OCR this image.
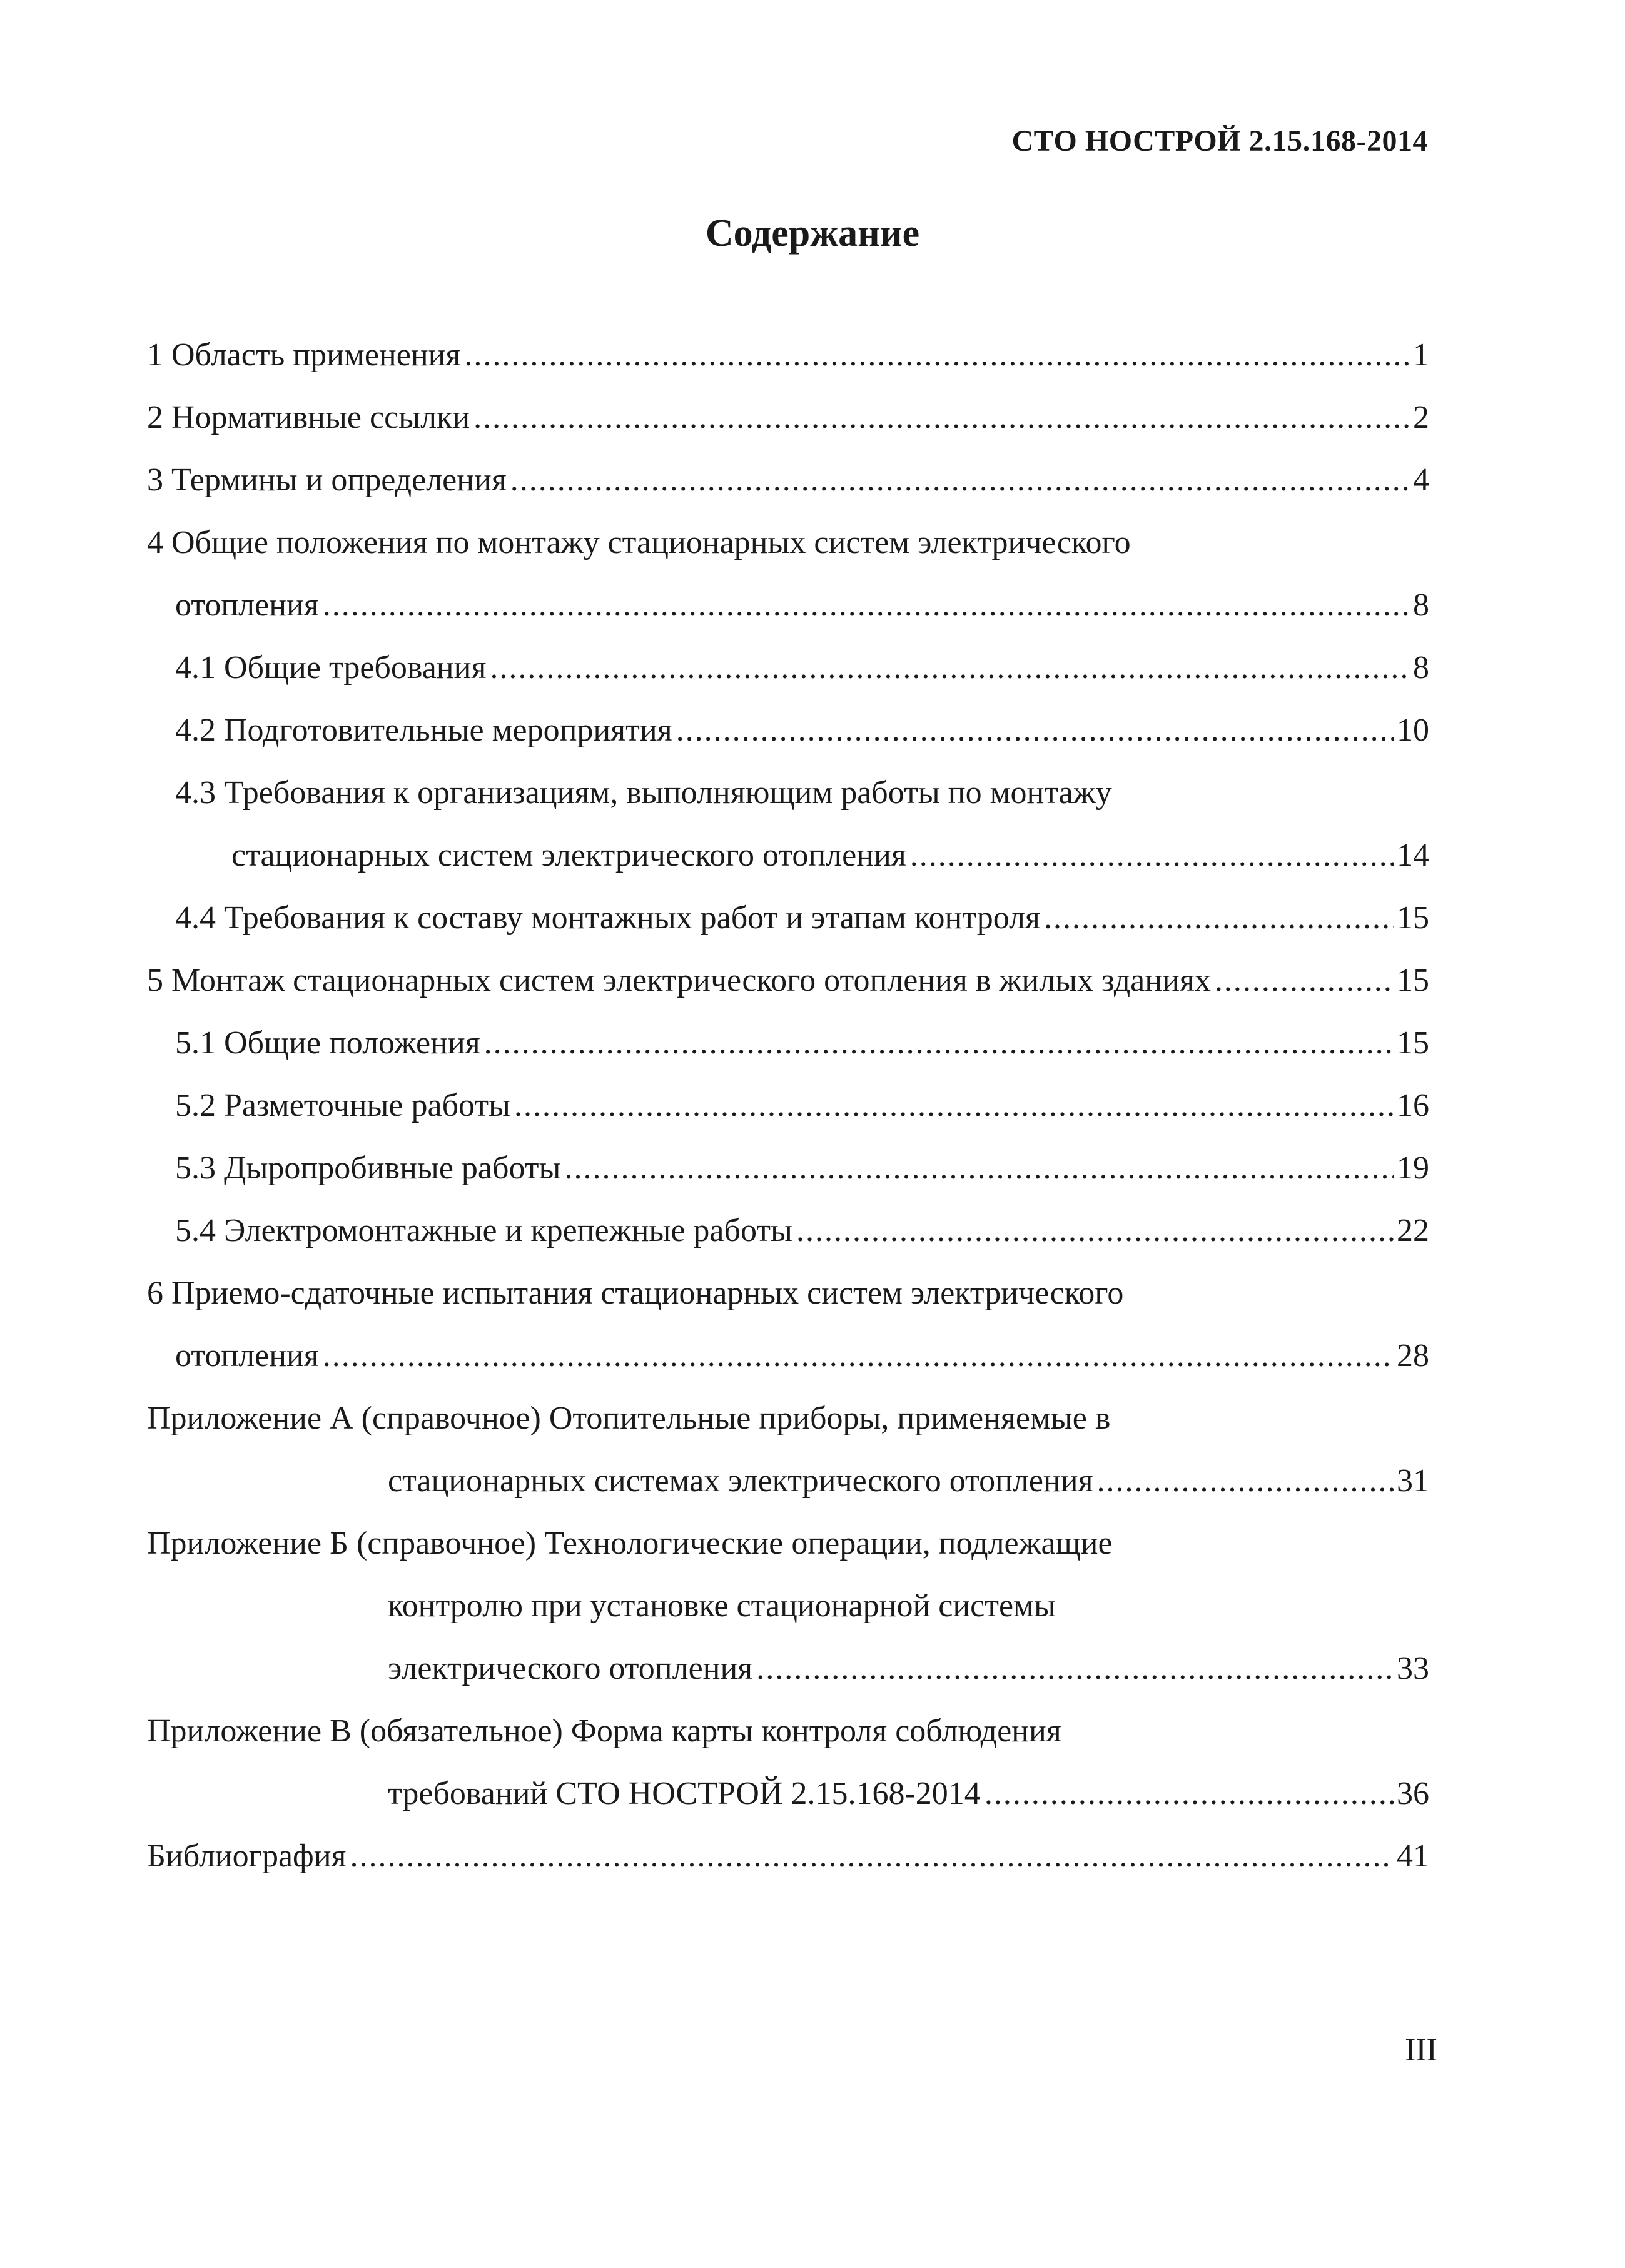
СТО НОСТРОЙ 2.15.168-2014
Содержание
1 Область применения .....	1
2 Нормативные ссылки .....	2
3 Термины и определения .....	4
4 Общие положения по монтажу стационарных систем электрического
отопления .....	8
4.1 Общие требования .....	8
4.2 Подготовительные мероприятия .....	10
4.3 Требования к организациям, выполняющим работы по монтажу
стационарных систем электрического отопления .....	14
4.4 Требования к составу монтажных работ и этапам контроля .....	15
5 Монтаж стационарных систем электрического отопления в жилых зданиях .....	15
5.1 Общие положения .....	15
5.2 Разметочные работы .....	16
5.3 Дыропробивные работы .....	19
5.4 Электромонтажные и крепежные работы .....	22
6 Приемо-сдаточные испытания стационарных систем электрического
отопления .....	28
Приложение А (справочное) Отопительные приборы, применяемые в
стационарных системах электрического отопления .....	31
Приложение Б (справочное) Технологические операции, подлежащие
контролю при установке стационарной системы
электрического отопления .....	33
Приложение В (обязательное) Форма карты контроля соблюдения
требований СТО НОСТРОЙ 2.15.168-2014 .....	36
Библиография .....	41
III
